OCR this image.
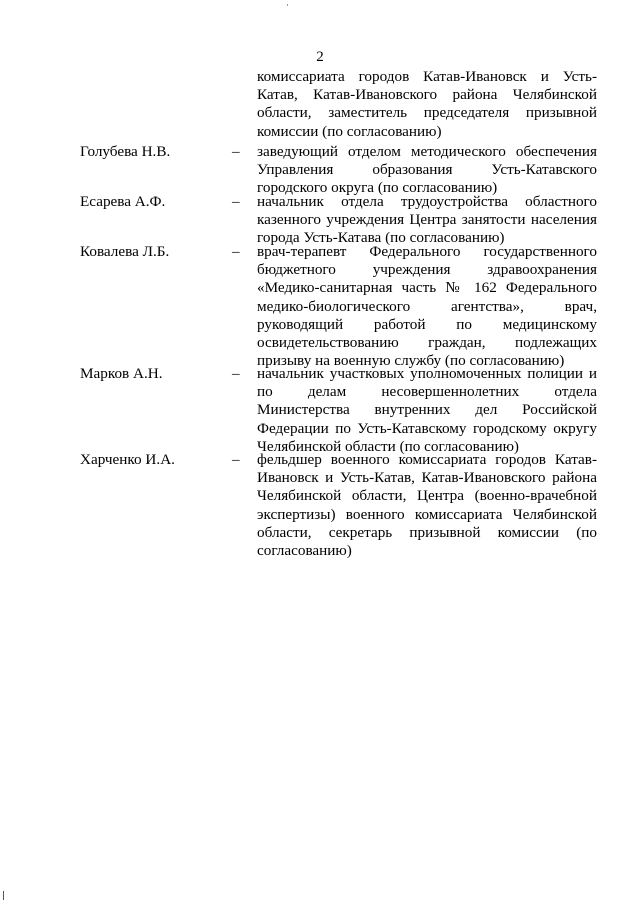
2
комиссариата городов Катав-Ивановск и Усть-Катав, Катав-Ивановского района Челябинской области, заместитель председателя призывной комиссии (по согласованию)
Голубева Н.В.	– заведующий отделом методического обеспечения Управления образования Усть-Катавского городского округа (по согласованию)
Есарева А.Ф.	– начальник отдела трудоустройства областного казенного учреждения Центра занятости населения города Усть-Катава (по согласованию)
Ковалева Л.Б.	– врач-терапевт Федерального государственного бюджетного учреждения здравоохранения «Медико-санитарная часть № 162 Федерального медико-биологического агентства», врач, руководящий работой по медицинскому освидетельствованию граждан, подлежащих призыву на военную службу (по согласованию)
Марков А.Н.	– начальник участковых уполномоченных полиции и по делам несовершеннолетних отдела Министерства внутренних дел Российской Федерации по Усть-Катавскому городскому округу Челябинской области (по согласованию)
Харченко И.А.	– фельдшер военного комиссариата городов Катав-Ивановск и Усть-Катав, Катав-Ивановского района Челябинской области, Центра (военно-врачебной экспертизы) военного комиссариата Челябинской области, секретарь призывной комиссии (по согласованию)
